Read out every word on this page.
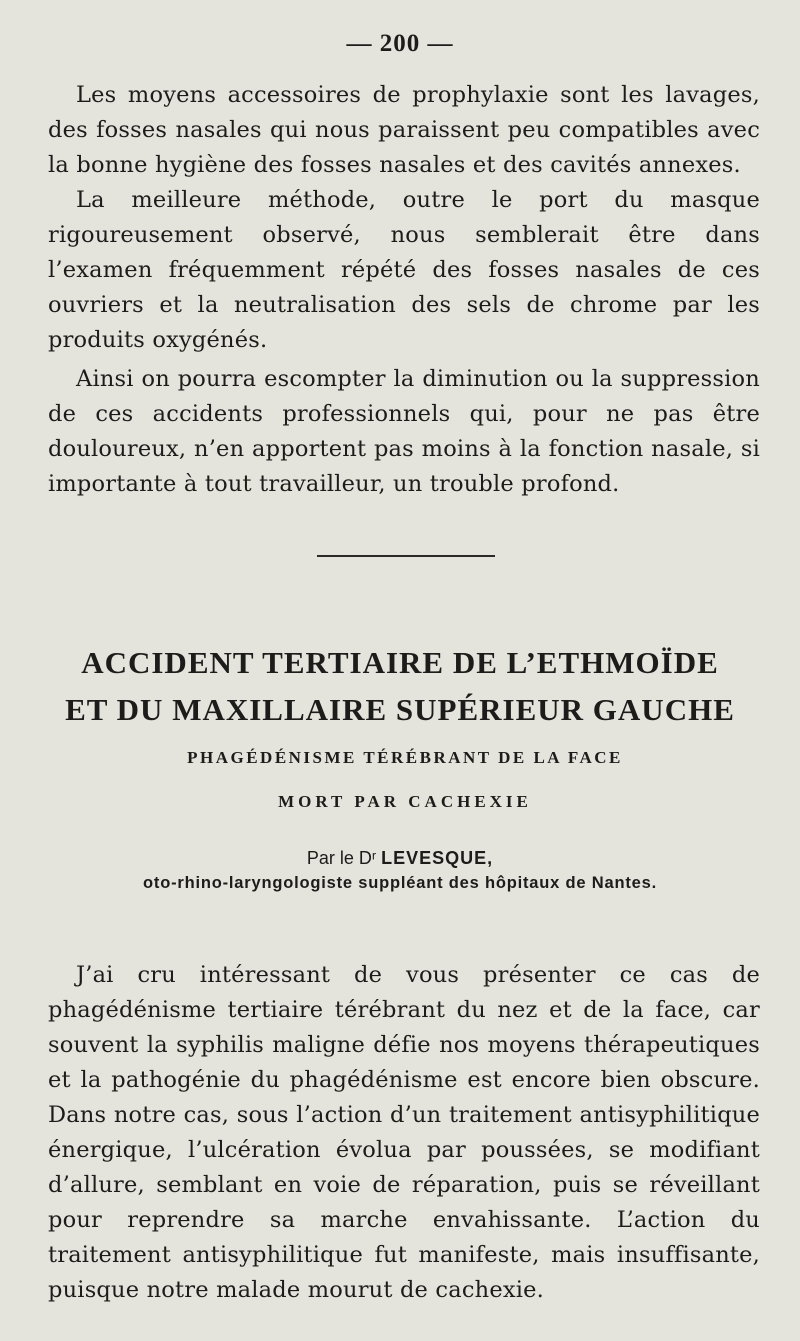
— 200 —

Les moyens accessoires de prophylaxie sont les lavages, des fosses nasales qui nous paraissent peu compatibles avec la bonne hygiène des fosses nasales et des cavités annexes.

La meilleure méthode, outre le port du masque rigoureusement observé, nous semblerait être dans l’examen fréquemment répété des fosses nasales de ces ouvriers et la neutralisation des sels de chrome par les produits oxygénés.

Ainsi on pourra escompter la diminution ou la suppression de ces accidents professionnels qui, pour ne pas être douloureux, n’en apportent pas moins à la fonction nasale, si importante à tout travailleur, un trouble profond.

ACCIDENT TERTIAIRE DE L’ETHMOÏDE
ET DU MAXILLAIRE SUPÉRIEUR GAUCHE
PHAGÉDÉNISME TÉRÉBRANT DE LA FACE
MORT PAR CACHEXIE
Par le Dʳ LEVESQUE,
oto-rhino-laryngologiste suppléant des hôpitaux de Nantes.

J’ai cru intéressant de vous présenter ce cas de phagédénisme tertiaire térébrant du nez et de la face, car souvent la syphilis maligne défie nos moyens thérapeutiques et la pathogénie du phagédénisme est encore bien obscure. Dans notre cas, sous l’action d’un traitement antisyphilitique énergique, l’ulcération évolua par poussées, se modifiant d’allure, semblant en voie de réparation, puis se réveillant pour reprendre sa marche envahissante. L’action du traitement antisyphilitique fut manifeste, mais insuffisante, puisque notre malade mourut de cachexie.
